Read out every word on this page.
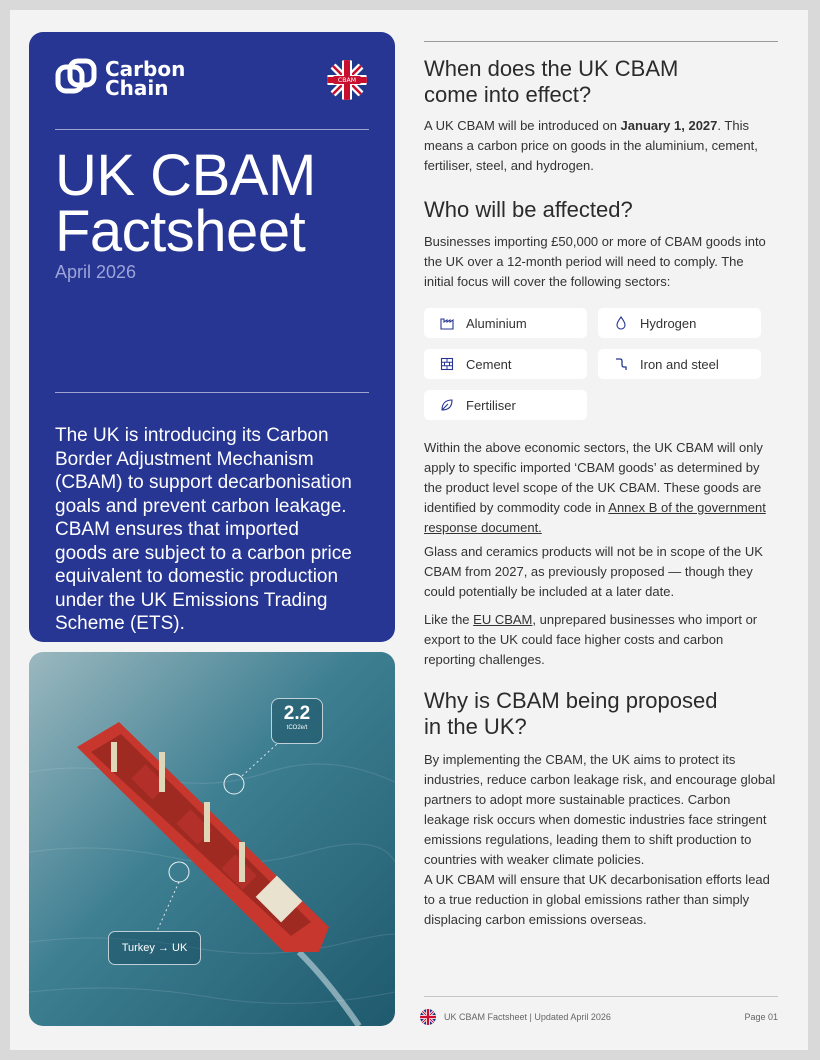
Carbon
Chain	CBAM
UK CBAM
Factsheet
April 2026
The UK is introducing its Carbon Border Adjustment Mechanism (CBAM) to support decarbonisation goals and prevent carbon leakage. CBAM ensures that imported goods are subject to a carbon price equivalent to domestic production under the UK Emissions Trading Scheme (ETS).
2.2
tCO2e/t
Turkey → UK
When does the UK CBAM
come into effect?

A UK CBAM will be introduced on January 1, 2027. This means a carbon price on goods in the aluminium, cement, fertiliser, steel, and hydrogen.

Who will be affected?

Businesses importing £50,000 or more of CBAM goods into the UK over a 12-month period will need to comply. The initial focus will cover the following sectors:

Aluminium	Hydrogen
Cement	Iron and steel
Fertiliser

Within the above economic sectors, the UK CBAM will only apply to specific imported ‘CBAM goods’ as determined by the product level scope of the UK CBAM. These goods are identified by commodity code in Annex B of the government response document.

Glass and ceramics products will not be in scope of the UK CBAM from 2027, as previously proposed — though they could potentially be included at a later date.

Like the EU CBAM, unprepared businesses who import or export to the UK could face higher costs and carbon reporting challenges.

Why is CBAM being proposed
in the UK?
By implementing the CBAM, the UK aims to protect its industries, reduce carbon leakage risk, and encourage global partners to adopt more sustainable practices. Carbon leakage risk occurs when domestic industries face stringent emissions regulations, leading them to shift production to countries with weaker climate policies.
A UK CBAM will ensure that UK decarbonisation efforts lead to a true reduction in global emissions rather than simply displacing carbon emissions overseas.
UK CBAM Factsheet | Updated April 2026	Page 01
